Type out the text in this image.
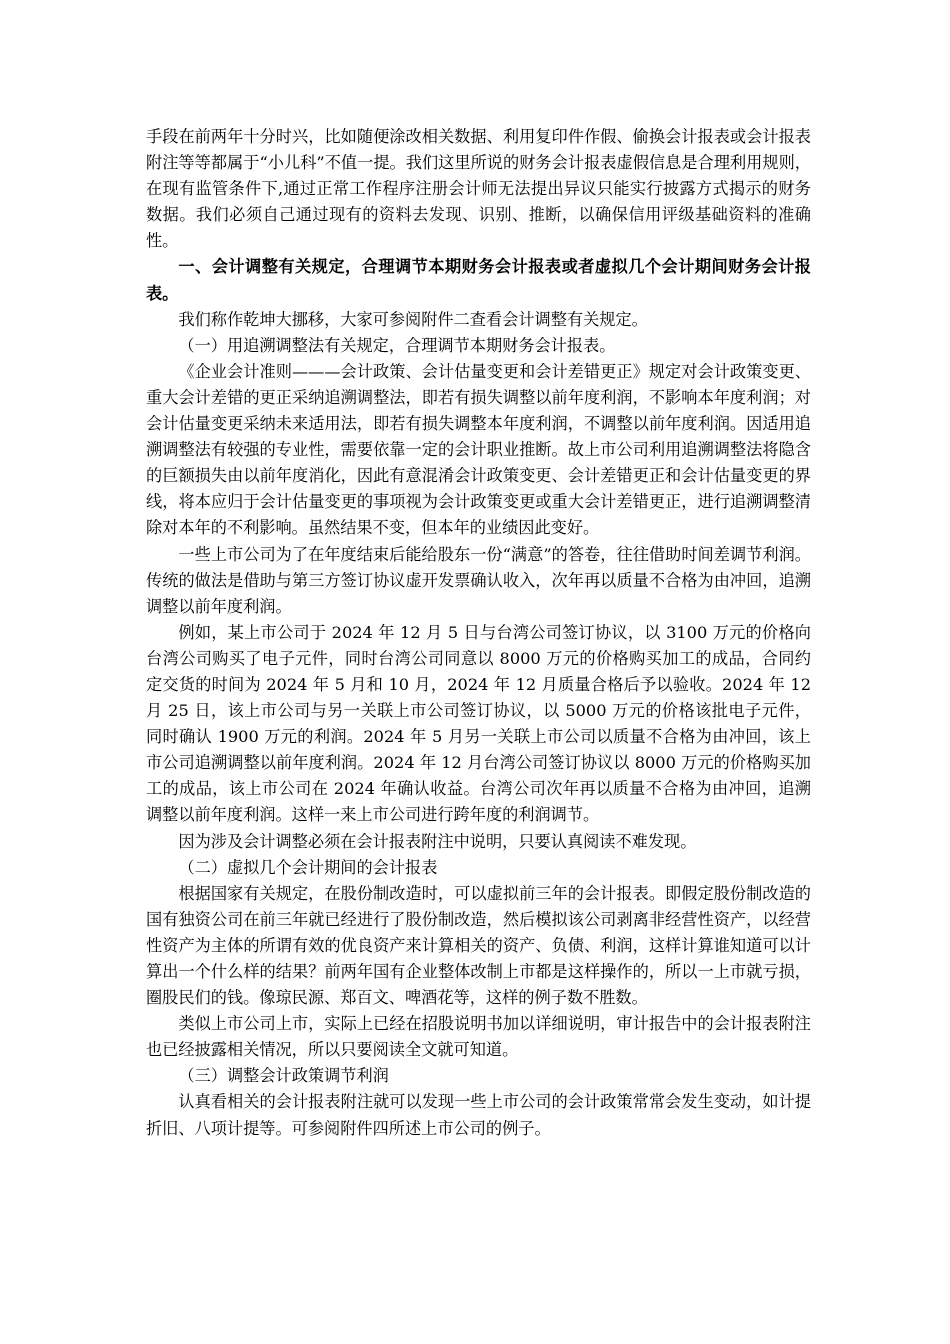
手段在前两年十分时兴，比如随便涂改相关数据、利用复印件作假、偷换会计报表或会计报表附注等等都属于“小儿科”不值一提。我们这里所说的财务会计报表虚假信息是合理利用规则，在现有监管条件下,通过正常工作程序注册会计师无法提出异议只能实行披露方式揭示的财务数据。我们必须自己通过现有的资料去发现、识别、推断，以确保信用评级基础资料的准确性。

一、会计调整有关规定，合理调节本期财务会计报表或者虚拟几个会计期间财务会计报表。

我们称作乾坤大挪移，大家可参阅附件二查看会计调整有关规定。

（一）用追溯调整法有关规定，合理调节本期财务会计报表。

《企业会计准则———会计政策、会计估量变更和会计差错更正》规定对会计政策变更、重大会计差错的更正采纳追溯调整法，即若有损失调整以前年度利润，不影响本年度利润；对会计估量变更采纳未来适用法，即若有损失调整本年度利润，不调整以前年度利润。因适用追溯调整法有较强的专业性，需要依靠一定的会计职业推断。故上市公司利用追溯调整法将隐含的巨额损失由以前年度消化，因此有意混淆会计政策变更、会计差错更正和会计估量变更的界线，将本应归于会计估量变更的事项视为会计政策变更或重大会计差错更正，进行追溯调整清除对本年的不利影响。虽然结果不变，但本年的业绩因此变好。

一些上市公司为了在年度结束后能给股东一份“满意”的答卷，往往借助时间差调节利润。传统的做法是借助与第三方签订协议虚开发票确认收入，次年再以质量不合格为由冲回，追溯调整以前年度利润。

例如，某上市公司于 2024 年 12 月 5 日与台湾公司签订协议，以 3100 万元的价格向台湾公司购买了电子元件，同时台湾公司同意以 8000 万元的价格购买加工的成品，合同约定交货的时间为 2024 年 5 月和 10 月，2024 年 12 月质量合格后予以验收。2024 年 12 月 25 日，该上市公司与另一关联上市公司签订协议，以 5000 万元的价格该批电子元件，同时确认 1900 万元的利润。2024 年 5 月另一关联上市公司以质量不合格为由冲回，该上市公司追溯调整以前年度利润。2024 年 12 月台湾公司签订协议以 8000 万元的价格购买加工的成品，该上市公司在 2024 年确认收益。台湾公司次年再以质量不合格为由冲回，追溯调整以前年度利润。这样一来上市公司进行跨年度的利润调节。

因为涉及会计调整必须在会计报表附注中说明，只要认真阅读不难发现。

（二）虚拟几个会计期间的会计报表

根据国家有关规定，在股份制改造时，可以虚拟前三年的会计报表。即假定股份制改造的国有独资公司在前三年就已经进行了股份制改造，然后模拟该公司剥离非经营性资产，以经营性资产为主体的所谓有效的优良资产来计算相关的资产、负债、利润，这样计算谁知道可以计算出一个什么样的结果？前两年国有企业整体改制上市都是这样操作的，所以一上市就亏损，圈股民们的钱。像琼民源、郑百文、啤酒花等，这样的例子数不胜数。

类似上市公司上市，实际上已经在招股说明书加以详细说明，审计报告中的会计报表附注也已经披露相关情况，所以只要阅读全文就可知道。

（三）调整会计政策调节利润

认真看相关的会计报表附注就可以发现一些上市公司的会计政策常常会发生变动，如计提折旧、八项计提等。可参阅附件四所述上市公司的例子。
